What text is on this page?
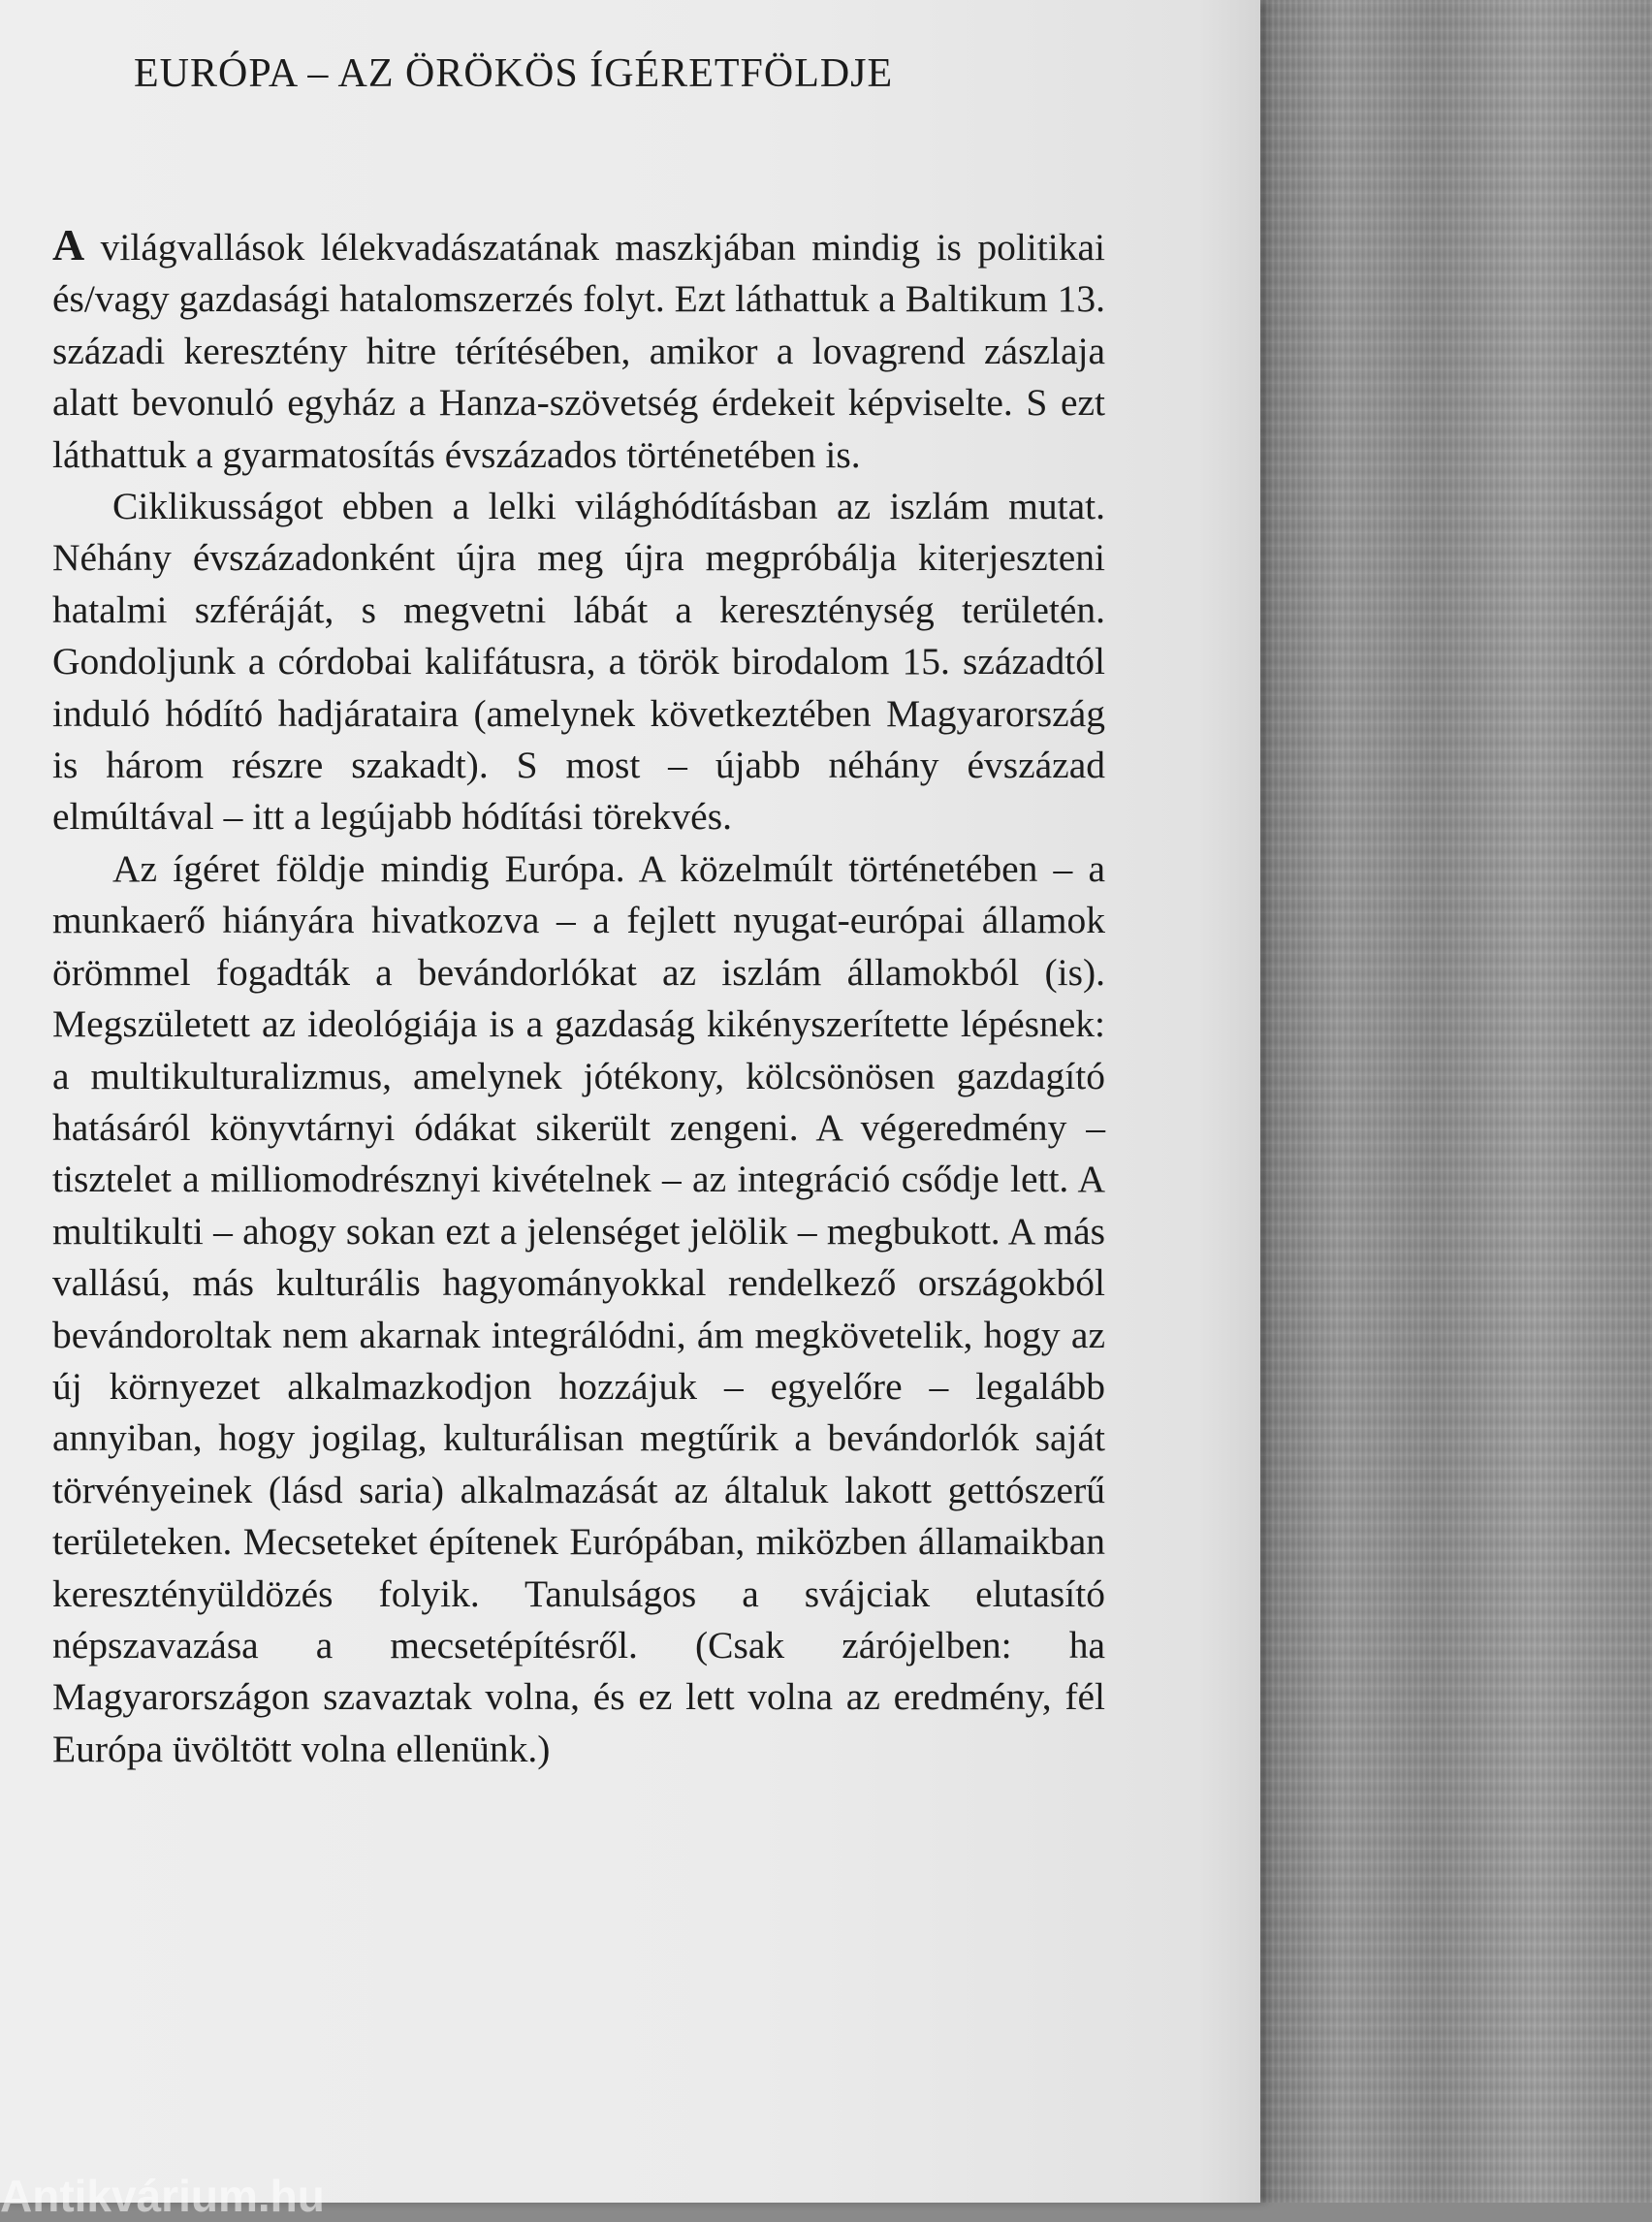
EURÓPA – AZ ÖRÖKÖS ÍGÉRETFÖLDJE

A világvallások lélekvadászatának maszkjában mindig is politikai és/vagy gazdasági hatalomszerzés folyt. Ezt láthattuk a Baltikum 13. századi keresztény hitre térítésében, amikor a lovagrend zászlaja alatt bevonuló egyház a Hanza-szövetség érdekeit képviselte. S ezt láthattuk a gyarmatosítás évszázados történetében is.

Ciklikusságot ebben a lelki világhódításban az iszlám mutat. Néhány évszázadonként újra meg újra megpróbálja kiterjeszteni hatalmi szféráját, s megvetni lábát a kereszténység területén. Gondoljunk a córdobai kalifátusra, a török birodalom 15. századtól induló hódító hadjárataira (amelynek következtében Magyarország is három részre szakadt). S most – újabb néhány évszázad elmúltával – itt a legújabb hódítási törekvés.

Az ígéret földje mindig Európa. A közelmúlt történetében – a munkaerő hiányára hivatkozva – a fejlett nyugat-európai államok örömmel fogadták a bevándorlókat az iszlám államokból (is). Megszületett az ideológiája is a gazdaság kikényszerítette lépésnek: a multikulturalizmus, amelynek jótékony, kölcsönösen gazdagító hatásáról könyvtárnyi ódákat sikerült zengeni. A végeredmény – tisztelet a milliomodrésznyi kivételnek – az integráció csődje lett. A multikulti – ahogy sokan ezt a jelenséget jelölik – megbukott. A más vallású, más kulturális hagyományokkal rendelkező országokból bevándoroltak nem akarnak integrálódni, ám megkövetelik, hogy az új környezet alkalmazkodjon hozzájuk – egyelőre – legalább annyiban, hogy jogilag, kulturálisan megtűrik a bevándorlók saját törvényeinek (lásd saria) alkalmazását az általuk lakott gettószerű területeken. Mecseteket építenek Európában, miközben államaikban keresztényüldözés folyik. Tanulságos a svájciak elutasító népszavazása a mecsetépítésről. (Csak zárójelben: ha Magyarországon szavaztak volna, és ez lett volna az eredmény, fél Európa üvöltött volna ellenünk.)

Antikvárium.hu
